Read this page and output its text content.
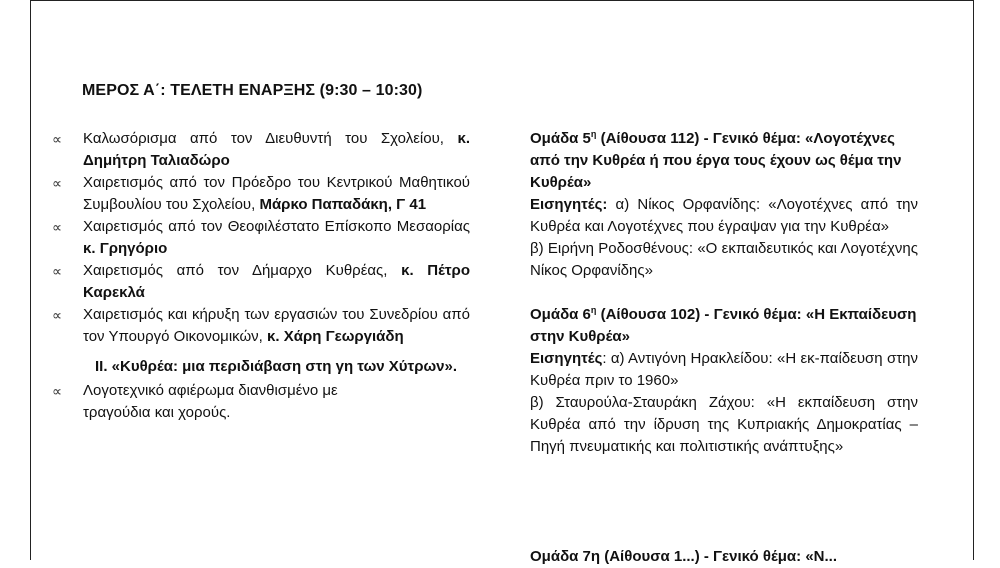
ΜΕΡΟΣ Α΄: ΤΕΛΕΤΗ ΕΝΑΡΞΗΣ (9:30 – 10:30)
∝	Καλωσόρισμα από τον Διευθυντή του Σχολείου, κ. Δημήτρη Ταλιαδώρο
∝	Χαιρετισμός από τον Πρόεδρο του Κεντρικού Μαθητικού Συμβουλίου του Σχολείου, Μάρκο Παπαδάκη, Γ 41
∝	Χαιρετισμός από τον Θεοφιλέστατο Επίσκοπο Μεσαορίας κ. Γρηγόριο
∝	Χαιρετισμός από τον Δήμαρχο Κυθρέας, κ. Πέτρο Καρεκλά
∝	Χαιρετισμός και κήρυξη των εργασιών του Συνεδρίου από τον Υπουργό Οικονομικών, κ. Χάρη Γεωργιάδη
ΙΙ. «Κυθρέα: μια περιδιάβαση στη γη των Χύτρων».
∝	Λογοτεχνικό αφιέρωμα διανθισμένο με τραγούδια και χορούς.
Ομάδα $5^\eta$ (Αίθουσα 112) - Γενικό θέμα: «Λογοτέχνες από την Κυθρέα ή που έργα τους έχουν ως θέμα την Κυθρέα»
Εισηγητές: α) Νίκος Ορφανίδης: «Λογοτέχνες από την Κυθρέα και Λογοτέχνες που έγραψαν για την Κυθρέα»
β) Ειρήνη Ροδοσθένους: «Ο εκπαιδευτικός και Λογοτέχνης Νίκος Ορφανίδης»
Ομάδα $6^\eta$ (Αίθουσα 102) - Γενικό θέμα: «Η Εκπαίδευση στην Κυθρέα»
Εισηγητές: α) Αντιγόνη Ηρακλείδου: «Η εκ-παίδευση στην Κυθρέα πριν το 1960»
β) Σταυρούλα-Σταυράκη Ζάχου: «Η εκπαίδευση στην Κυθρέα από την ίδρυση της Κυπριακής Δημοκρατίας – Πηγή πνευματικής και πολιτιστικής ανάπτυξης»
Ομάδα 7η (Αίθουσα 1...) - Γενικό θέμα: «Ν...
